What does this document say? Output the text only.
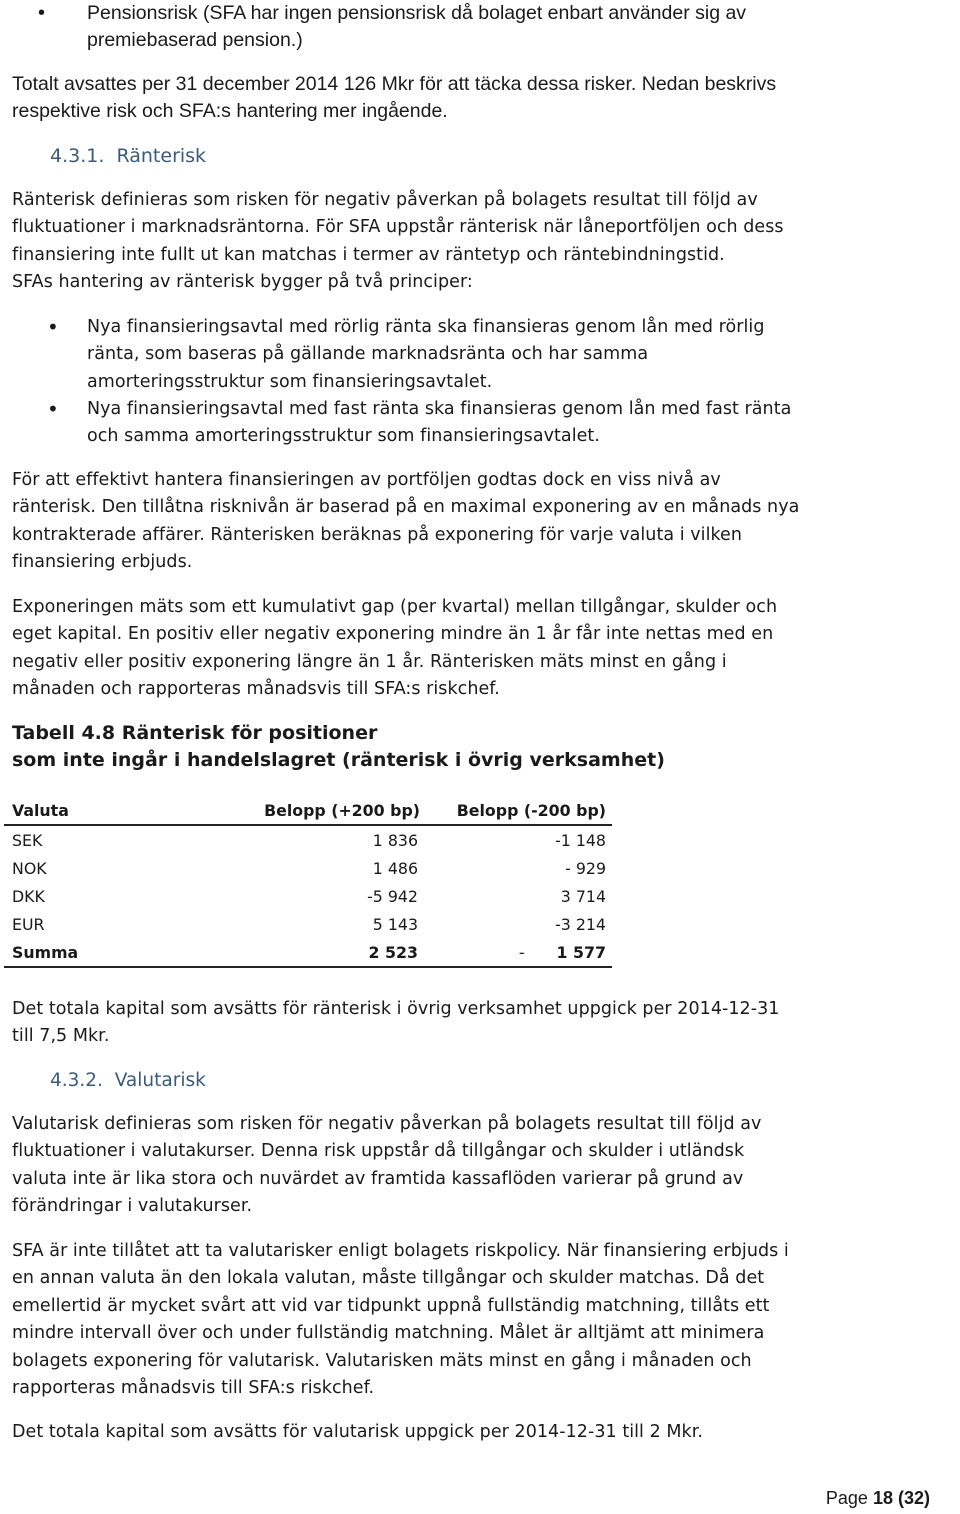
• Pensionsrisk (SFA har ingen pensionsrisk då bolaget enbart använder sig av
premiebaserad pension.)
Totalt avsattes per 31 december 2014 126 Mkr för att täcka dessa risker. Nedan beskrivs
respektive risk och SFA:s hantering mer ingående.
4.3.1.  Ränterisk
Ränterisk definieras som risken för negativ påverkan på bolagets resultat till följd av
fluktuationer i marknadsräntorna. För SFA uppstår ränterisk när låneportföljen och dess
finansiering inte fullt ut kan matchas i termer av räntetyp och räntebindningstid.
SFAs hantering av ränterisk bygger på två principer:
• Nya finansieringsavtal med rörlig ränta ska finansieras genom lån med rörlig
ränta, som baseras på gällande marknadsränta och har samma
amorteringsstruktur som finansieringsavtalet.
• Nya finansieringsavtal med fast ränta ska finansieras genom lån med fast ränta
och samma amorteringsstruktur som finansieringsavtalet.
För att effektivt hantera finansieringen av portföljen godtas dock en viss nivå av
ränterisk. Den tillåtna risknivån är baserad på en maximal exponering av en månads nya
kontrakterade affärer. Ränterisken beräknas på exponering för varje valuta i vilken
finansiering erbjuds.
Exponeringen mäts som ett kumulativt gap (per kvartal) mellan tillgångar, skulder och
eget kapital. En positiv eller negativ exponering mindre än 1 år får inte nettas med en
negativ eller positiv exponering längre än 1 år. Ränterisken mäts minst en gång i
månaden och rapporteras månadsvis till SFA:s riskchef.
Tabell 4.8 Ränterisk för positioner
som inte ingår i handelslagret (ränterisk i övrig verksamhet)
Valuta	Belopp (+200 bp)	Belopp (-200 bp)
SEK	1 836	-1 148
NOK	1 486	- 929
DKK	-5 942	3 714
EUR	5 143	-3 214
Summa	2 523	- 1 577
Det totala kapital som avsätts för ränterisk i övrig verksamhet uppgick per 2014-12-31
till 7,5 Mkr.
4.3.2.  Valutarisk
Valutarisk definieras som risken för negativ påverkan på bolagets resultat till följd av
fluktuationer i valutakurser. Denna risk uppstår då tillgångar och skulder i utländsk
valuta inte är lika stora och nuvärdet av framtida kassaflöden varierar på grund av
förändringar i valutakurser.
SFA är inte tillåtet att ta valutarisker enligt bolagets riskpolicy. När finansiering erbjuds i
en annan valuta än den lokala valutan, måste tillgångar och skulder matchas. Då det
emellertid är mycket svårt att vid var tidpunkt uppnå fullständig matchning, tillåts ett
mindre intervall över och under fullständig matchning. Målet är alltjämt att minimera
bolagets exponering för valutarisk. Valutarisken mäts minst en gång i månaden och
rapporteras månadsvis till SFA:s riskchef.
Det totala kapital som avsätts för valutarisk uppgick per 2014-12-31 till 2 Mkr.
Page 18 (32)
